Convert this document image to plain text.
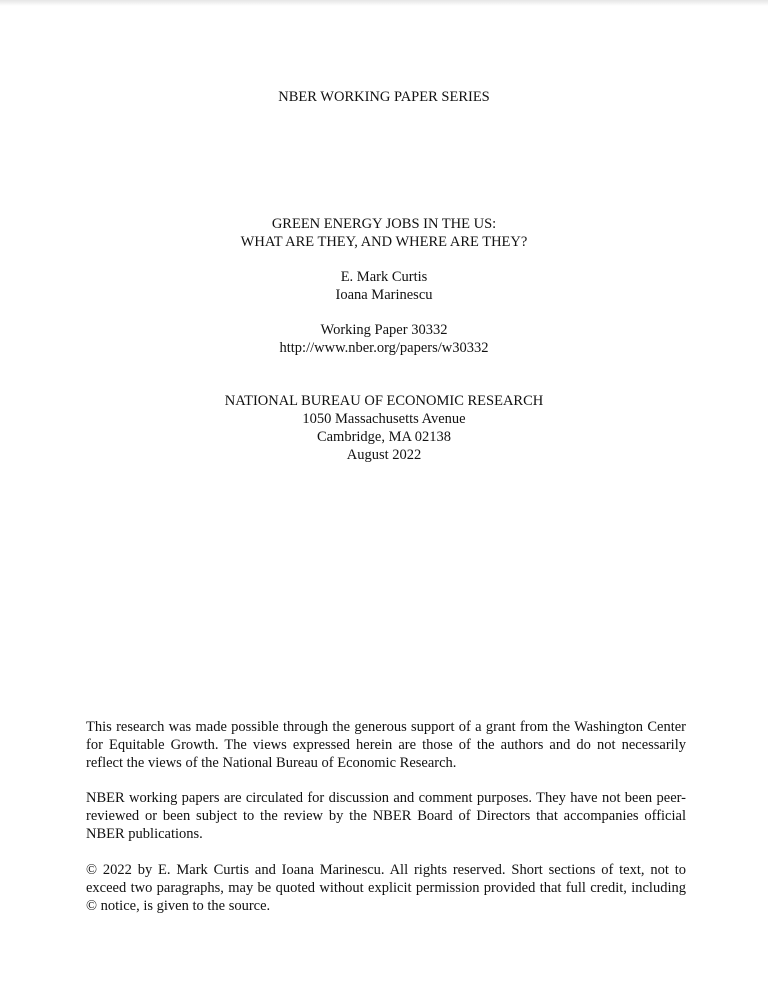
NBER WORKING PAPER SERIES
GREEN ENERGY JOBS IN THE US:
WHAT ARE THEY, AND WHERE ARE THEY?
E. Mark Curtis
Ioana Marinescu
Working Paper 30332
http://www.nber.org/papers/w30332
NATIONAL BUREAU OF ECONOMIC RESEARCH
1050 Massachusetts Avenue
Cambridge, MA 02138
August 2022

This research was made possible through the generous support of a grant from the Washington Center for Equitable Growth. The views expressed herein are those of the authors and do not necessarily reflect the views of the National Bureau of Economic Research.

NBER working papers are circulated for discussion and comment purposes. They have not been peer-reviewed or been subject to the review by the NBER Board of Directors that accompanies official NBER publications.

© 2022 by E. Mark Curtis and Ioana Marinescu. All rights reserved. Short sections of text, not to exceed two paragraphs, may be quoted without explicit permission provided that full credit, including © notice, is given to the source.
